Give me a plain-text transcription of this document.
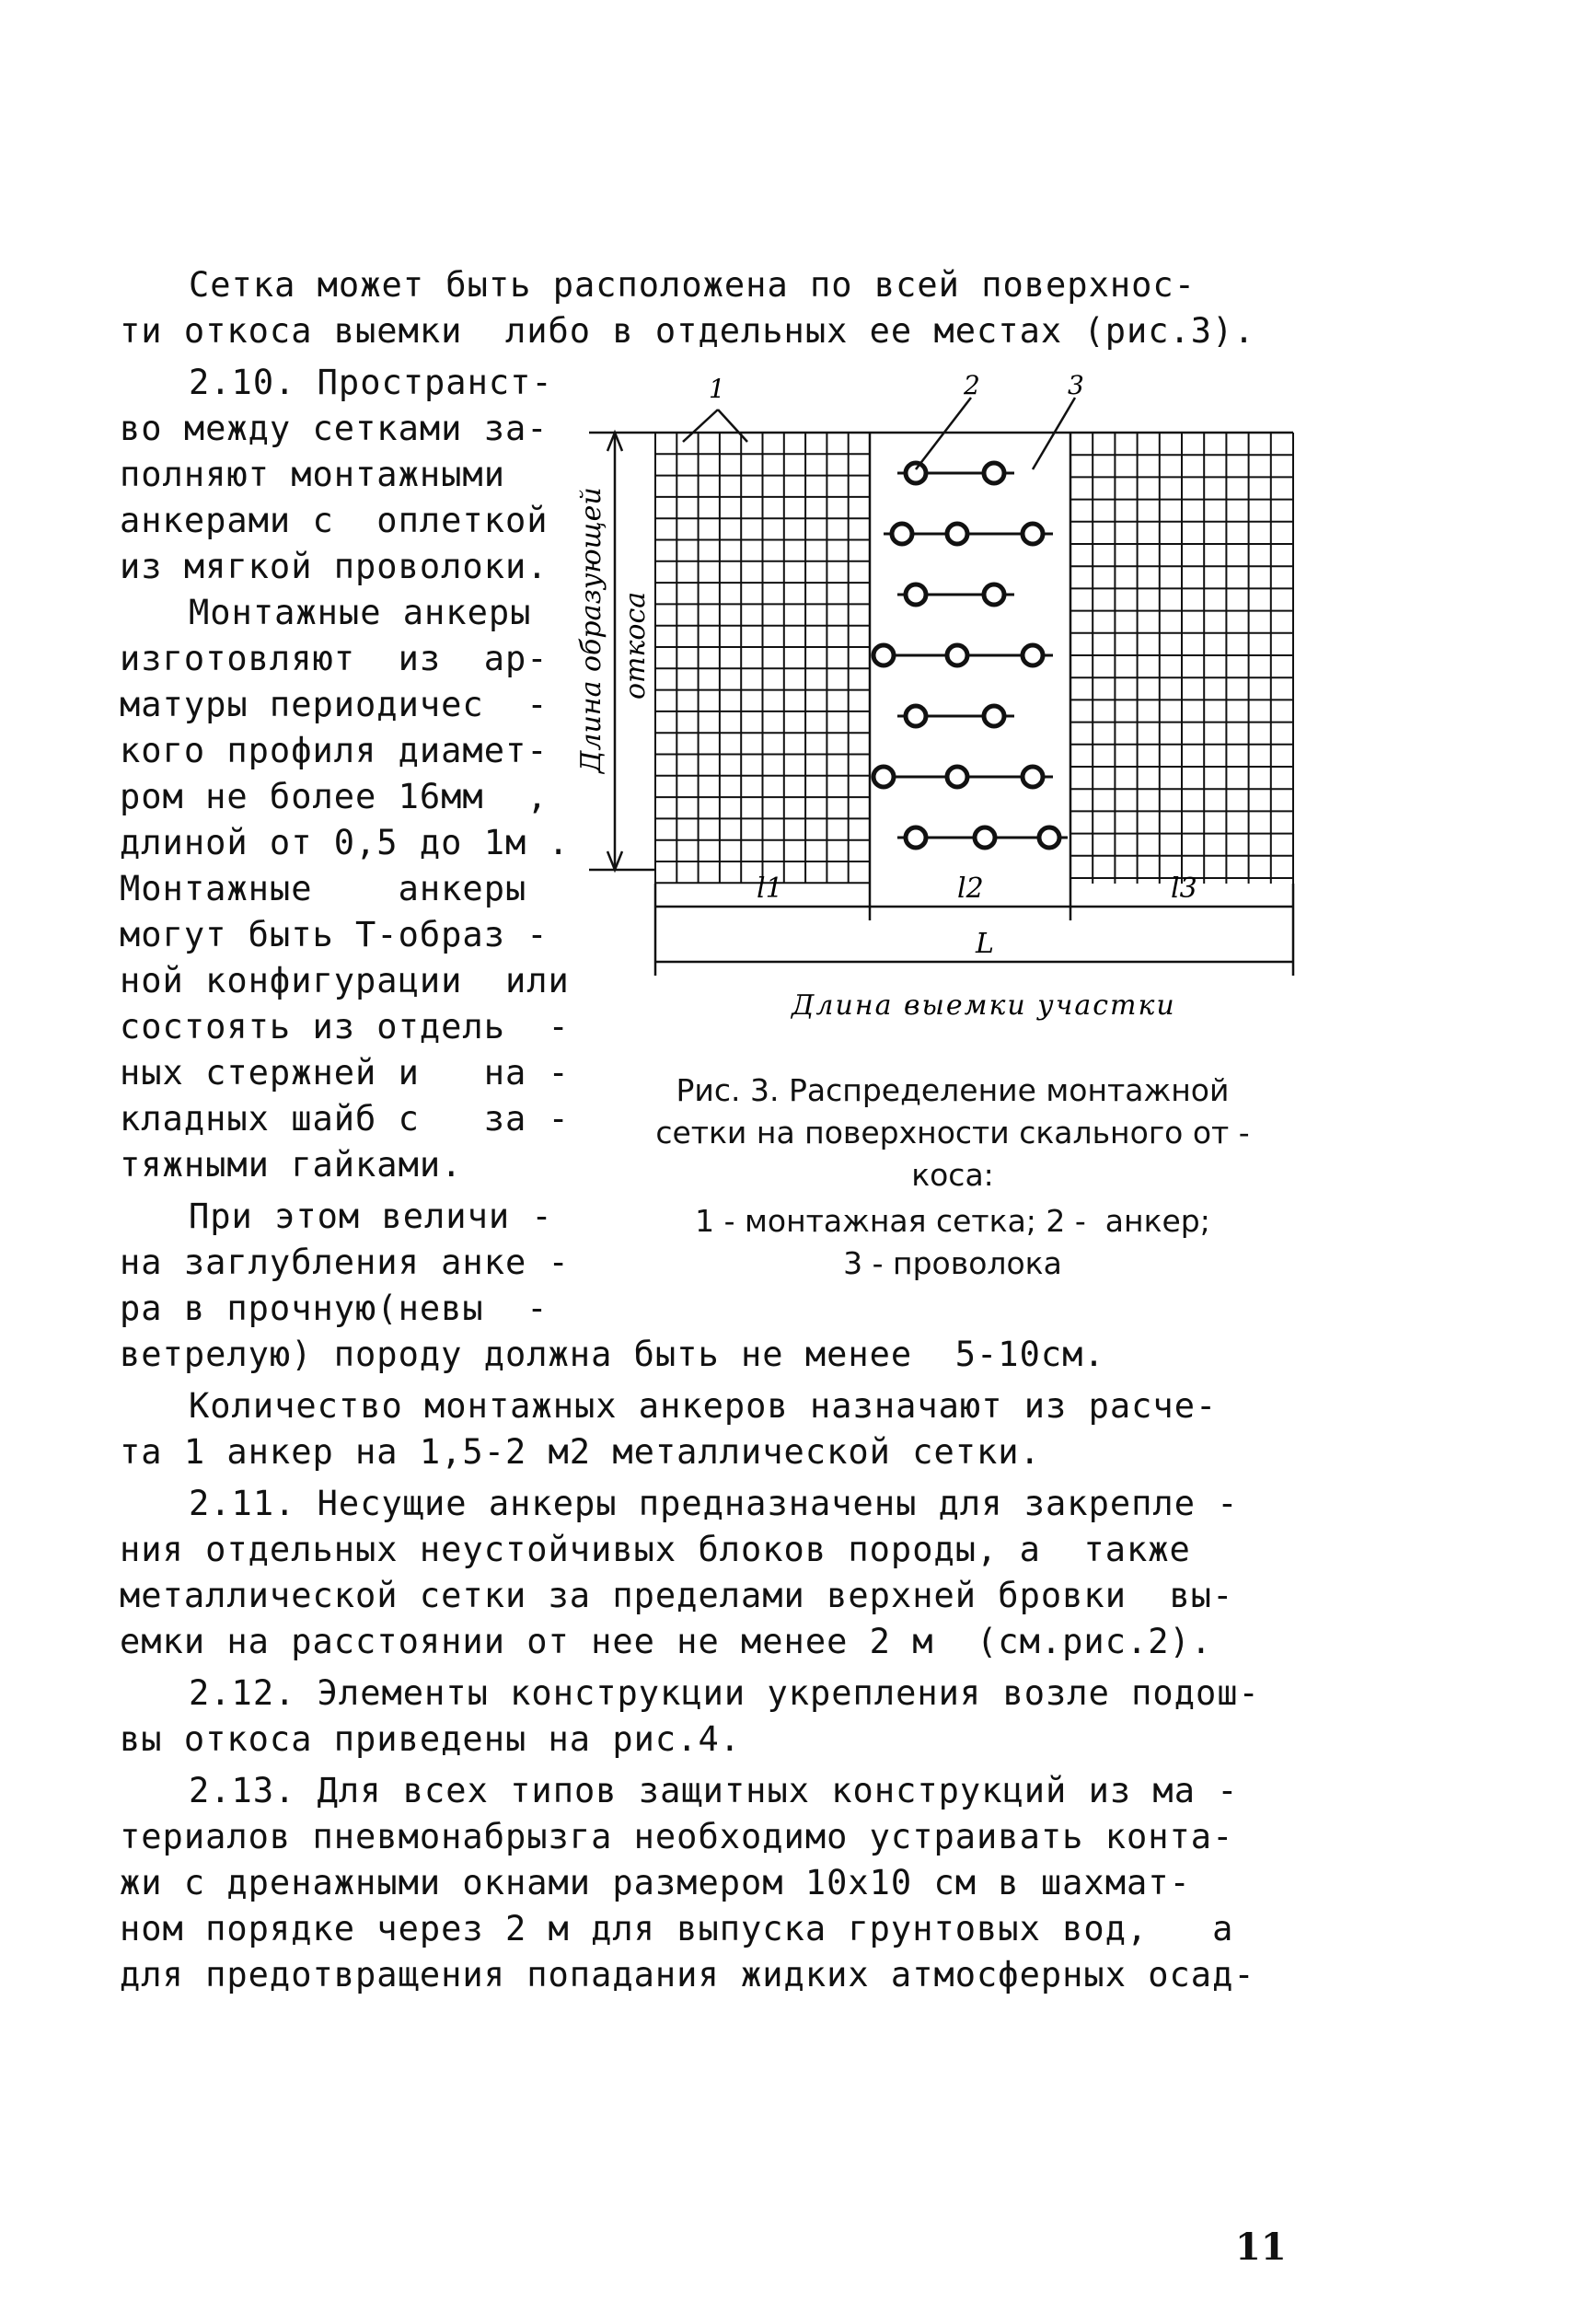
Сетка может быть расположена по всей поверхнос-
ти откоса выемки  либо в отдельных ее местах (рис.3).
2.10. Пространст-
во между сетками за-
полняют монтажными
анкерами с  оплеткой
из мягкой проволоки.
Монтажные анкеры
изготовляют  из  ар-
матуры периодичес  -
кого профиля диамет-
ром не более 16мм  ,
длиной от 0,5 до 1м .
Монтажные    анкеры
могут быть Т-образ -
ной конфигурации  или
состоять из отдель  -
ных стержней и   на -
кладных шайб с   за -
тяжными гайками.
При этом величи -
на заглубления анке -
ра в прочную(невы  -
ветрелую) породу должна быть не менее  5-10см.
Количество монтажных анкеров назначают из расче-
та 1 анкер на 1,5-2 м2 металлической сетки.
2.11. Несущие анкеры предназначены для закрепле -
ния отдельных неустойчивых блоков породы, а  также
металлической сетки за пределами верхней бровки  вы-
емки на расстоянии от нее не менее 2 м  (см.рис.2).
2.12. Элементы конструкции укрепления возле подош-
вы откоса приведены на рис.4.
2.13. Для всех типов защитных конструкций из ма -
териалов пневмонабрызга необходимо устраивать конта-
жи с дренажными окнами размером 10х10 см в шахмат-
ном порядке через 2 м для выпуска грунтовых вод,   а
для предотвращения попадания жидких атмосферных осад-
1	2	3
l1	l2	l3
L
Длина образующей откоса
Длина выемки участки
Рис. 3. Распределение монтажной
сетки на поверхности скального от -
коса:
1 - монтажная сетка; 2 -  анкер;
3 - проволока
11
